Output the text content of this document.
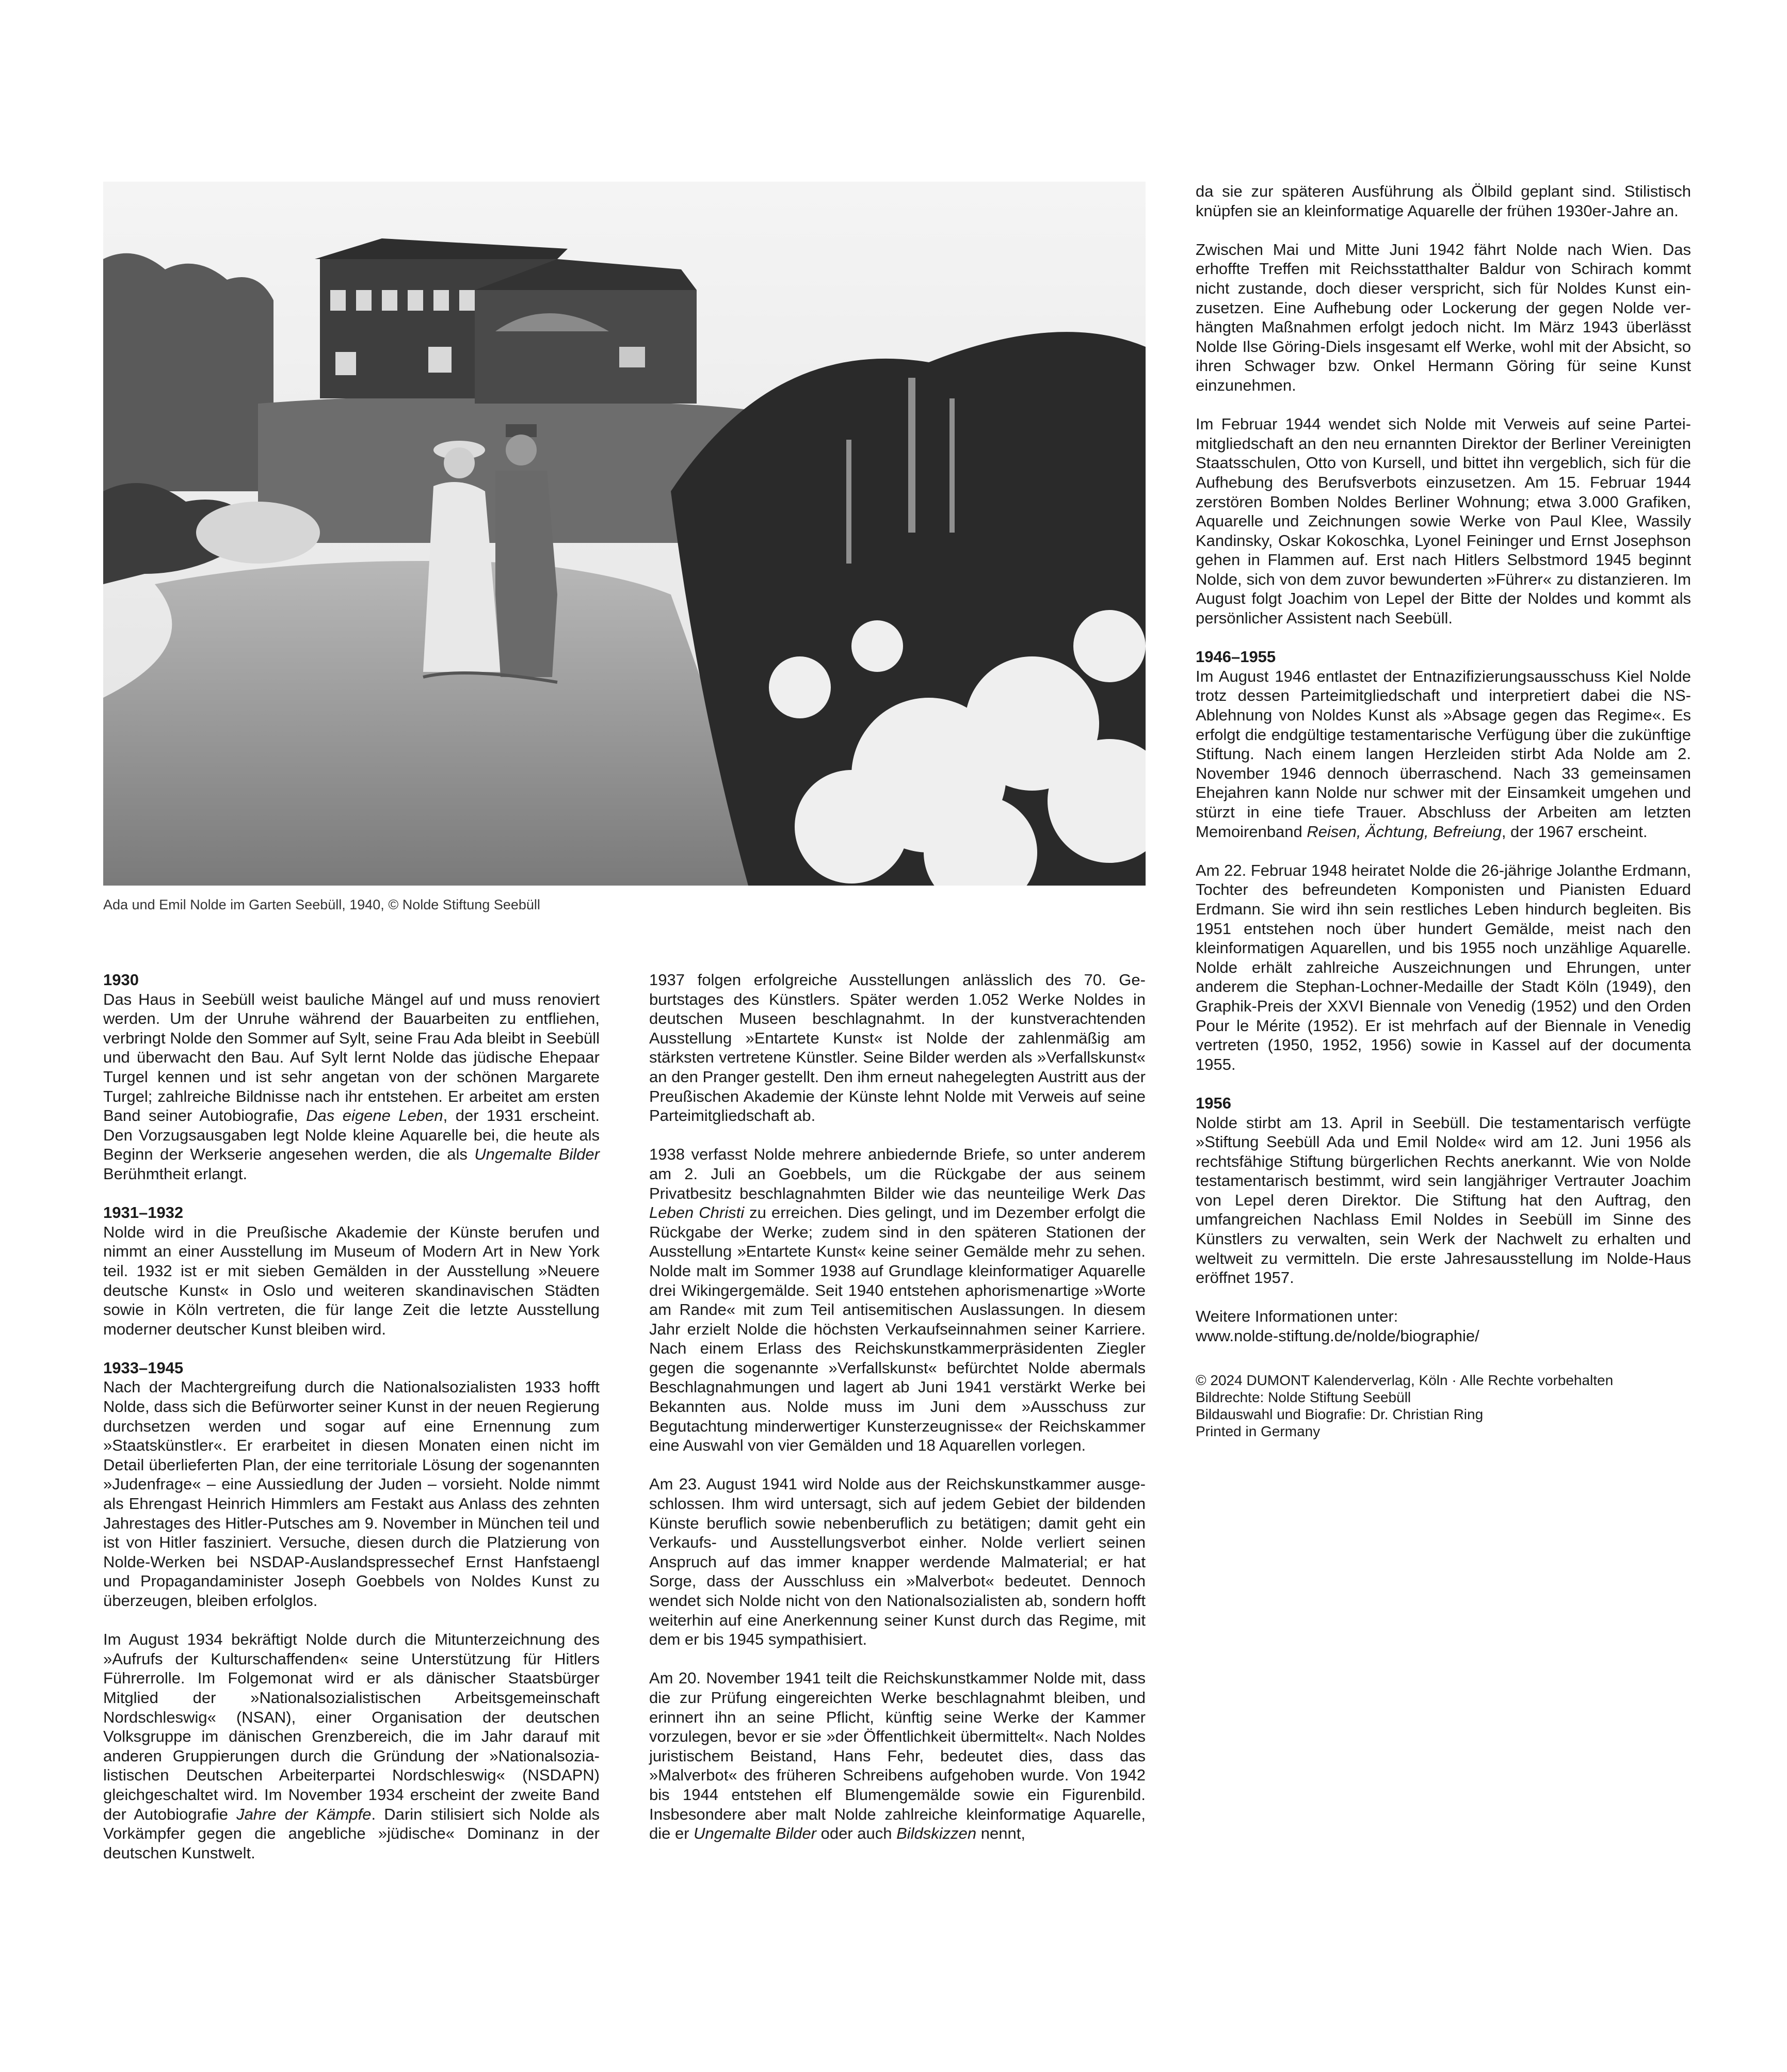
Ada und Emil Nolde im Garten Seebüll, 1940, © Nolde Stiftung Seebüll
1930
Das Haus in Seebüll weist bauliche Mängel auf und muss renoviert werden. Um der Unruhe während der Bauarbeiten zu entfliehen, verbringt Nolde den Sommer auf Sylt, seine Frau Ada bleibt in Seebüll und überwacht den Bau. Auf Sylt lernt Nolde das jüdische Ehepaar Turgel kennen und ist sehr angetan von der schönen Margarete Turgel; zahlreiche Bildnisse nach ihr entstehen. Er arbeitet am ersten Band seiner Autobiografie, Das eigene Leben, der 1931 erscheint. Den Vorzugsausgaben legt Nolde kleine Aquarelle bei, die heute als Beginn der Werkserie angesehen werden, die als Ungemalte Bilder Berühmtheit erlangt.
1931–1932
Nolde wird in die Preußische Akademie der Künste berufen und nimmt an einer Ausstellung im Museum of Modern Art in New York teil. 1932 ist er mit sieben Gemälden in der Ausstellung »Neuere deutsche Kunst« in Oslo und weiteren skandinavischen Städten sowie in Köln vertreten, die für lange Zeit die letzte Ausstellung moderner deutscher Kunst bleiben wird.
1933–1945
Nach der Machtergreifung durch die Nationalsozialisten 1933 hofft Nolde, dass sich die Befürworter seiner Kunst in der neuen Regierung durchsetzen werden und sogar auf eine Ernennung zum »Staatskünstler«. Er erarbeitet in diesen Monaten einen nicht im Detail überlieferten Plan, der eine territoriale Lösung der sogenannten »Judenfrage« – eine Aussiedlung der Juden – vorsieht. Nolde nimmt als Ehrengast Heinrich Himmlers am Festakt aus Anlass des zehnten Jahrestages des Hitler-Putsches am 9. November in München teil und ist von Hitler fasziniert. Versuche, diesen durch die Platzierung von Nolde-Werken bei NSDAP-Auslandspressechef Ernst Hanfstaengl und Propagandaminister Joseph Goebbels von Noldes Kunst zu überzeugen, bleiben erfolglos.

Im August 1934 bekräftigt Nolde durch die Mitunterzeichnung des »Aufrufs der Kulturschaffenden« seine Unterstützung für Hitlers Führerrolle. Im Folgemonat wird er als dänischer Staatsbürger Mitglied der »Nationalsozialistischen Arbeitsgemeinschaft Nordschleswig« (NSAN), einer Organisation der deutschen Volksgruppe im dänischen Grenzbereich, die im Jahr darauf mit anderen Gruppierungen durch die Gründung der »Nationalsozialistischen Deutschen Arbeiterpartei Nordschleswig« (NSDAPN) gleichgeschaltet wird. Im November 1934 erscheint der zweite Band der Autobiografie Jahre der Kämpfe. Darin stilisiert sich Nolde als Vorkämpfer gegen die angebliche »jüdische« Dominanz in der deutschen Kunstwelt.

1937 folgen erfolgreiche Ausstellungen anlässlich des 70. Geburtstages des Künstlers. Später werden 1.052 Werke Noldes in deutschen Museen beschlagnahmt. In der kunstverachtenden Ausstellung »Entartete Kunst« ist Nolde der zahlenmäßig am stärksten vertretene Künstler. Seine Bilder werden als »Verfallskunst« an den Pranger gestellt. Den ihm erneut nahegelegten Austritt aus der Preußischen Akademie der Künste lehnt Nolde mit Verweis auf seine Parteimitgliedschaft ab.

1938 verfasst Nolde mehrere anbiedernde Briefe, so unter anderem am 2. Juli an Goebbels, um die Rückgabe der aus seinem Privatbesitz beschlagnahmten Bilder wie das neunteilige Werk Das Leben Christi zu erreichen. Dies gelingt, und im Dezember erfolgt die Rückgabe der Werke; zudem sind in den späteren Stationen der Ausstellung »Entartete Kunst« keine seiner Gemälde mehr zu sehen. Nolde malt im Sommer 1938 auf Grundlage kleinformatiger Aquarelle drei Wikingergemälde. Seit 1940 entstehen aphorismenartige »Worte am Rande« mit zum Teil antisemitischen Auslassungen. In diesem Jahr erzielt Nolde die höchsten Verkaufseinnahmen seiner Karriere. Nach einem Erlass des Reichskunstkammerpräsidenten Ziegler gegen die sogenannte »Verfallskunst« befürchtet Nolde abermals Beschlagnahmungen und lagert ab Juni 1941 verstärkt Werke bei Bekannten aus. Nolde muss im Juni dem »Ausschuss zur Begutachtung minderwertiger Kunsterzeugnisse« der Reichskammer eine Auswahl von vier Gemälden und 18 Aquarellen vorlegen.

Am 23. August 1941 wird Nolde aus der Reichskunstkammer ausgeschlossen. Ihm wird untersagt, sich auf jedem Gebiet der bildenden Künste beruflich sowie nebenberuflich zu betätigen; damit geht ein Verkaufs- und Ausstellungsverbot einher. Nolde verliert seinen Anspruch auf das immer knapper werdende Malmaterial; er hat Sorge, dass der Ausschluss ein »Malverbot« bedeutet. Dennoch wendet sich Nolde nicht von den Nationalsozialisten ab, sondern hofft weiterhin auf eine Anerkennung seiner Kunst durch das Regime, mit dem er bis 1945 sympathisiert.

Am 20. November 1941 teilt die Reichskunstkammer Nolde mit, dass die zur Prüfung eingereichten Werke beschlagnahmt bleiben, und erinnert ihn an seine Pflicht, künftig seine Werke der Kammer vorzulegen, bevor er sie »der Öffentlichkeit übermittelt«. Nach Noldes juristischem Beistand, Hans Fehr, bedeutet dies, dass das »Malverbot« des früheren Schreibens aufgehoben wurde. Von 1942 bis 1944 entstehen elf Blumengemälde sowie ein Figurenbild. Insbesondere aber malt Nolde zahlreiche kleinformatige Aquarelle, die er Ungemalte Bilder oder auch Bildskizzen nennt,

da sie zur späteren Ausführung als Ölbild geplant sind. Stilistisch knüpfen sie an kleinformatige Aquarelle der frühen 1930er-Jahre an.

Zwischen Mai und Mitte Juni 1942 fährt Nolde nach Wien. Das erhoffte Treffen mit Reichsstatthalter Baldur von Schirach kommt nicht zustande, doch dieser verspricht, sich für Noldes Kunst einzusetzen. Eine Aufhebung oder Lockerung der gegen Nolde verhängten Maßnahmen erfolgt jedoch nicht. Im März 1943 überlässt Nolde Ilse Göring-Diels insgesamt elf Werke, wohl mit der Absicht, so ihren Schwager bzw. Onkel Hermann Göring für seine Kunst einzunehmen.

Im Februar 1944 wendet sich Nolde mit Verweis auf seine Parteimitgliedschaft an den neu ernannten Direktor der Berliner Vereinigten Staatsschulen, Otto von Kursell, und bittet ihn vergeblich, sich für die Aufhebung des Berufsverbots einzusetzen. Am 15. Februar 1944 zerstören Bomben Noldes Berliner Wohnung; etwa 3.000 Grafiken, Aquarelle und Zeichnungen sowie Werke von Paul Klee, Wassily Kandinsky, Oskar Kokoschka, Lyonel Feininger und Ernst Josephson gehen in Flammen auf. Erst nach Hitlers Selbstmord 1945 beginnt Nolde, sich von dem zuvor bewunderten »Führer« zu distanzieren. Im August folgt Joachim von Lepel der Bitte der Noldes und kommt als persönlicher Assistent nach Seebüll.

1946–1955
Im August 1946 entlastet der Entnazifizierungsausschuss Kiel Nolde trotz dessen Parteimitgliedschaft und interpretiert dabei die NS-Ablehnung von Noldes Kunst als »Absage gegen das Regime«. Es erfolgt die endgültige testamentarische Verfügung über die zukünftige Stiftung. Nach einem langen Herzleiden stirbt Ada Nolde am 2. November 1946 dennoch überraschend. Nach 33 gemeinsamen Ehejahren kann Nolde nur schwer mit der Einsamkeit umgehen und stürzt in eine tiefe Trauer. Abschluss der Arbeiten am letzten Memoirenband Reisen, Ächtung, Befreiung, der 1967 erscheint.

Am 22. Februar 1948 heiratet Nolde die 26-jährige Jolanthe Erdmann, Tochter des befreundeten Komponisten und Pianisten Eduard Erdmann. Sie wird ihn sein restliches Leben hindurch begleiten. Bis 1951 entstehen noch über hundert Gemälde, meist nach den kleinformatigen Aquarellen, und bis 1955 noch unzählige Aquarelle. Nolde erhält zahlreiche Auszeichnungen und Ehrungen, unter anderem die Stephan-Lochner-Medaille der Stadt Köln (1949), den Graphik-Preis der XXVI Biennale von Venedig (1952) und den Orden Pour le Mérite (1952). Er ist mehrfach auf der Biennale in Venedig vertreten (1950, 1952, 1956) sowie in Kassel auf der documenta 1955.

1956
Nolde stirbt am 13. April in Seebüll. Die testamentarisch verfügte »Stiftung Seebüll Ada und Emil Nolde« wird am 12. Juni 1956 als rechtsfähige Stiftung bürgerlichen Rechts anerkannt. Wie von Nolde testamentarisch bestimmt, wird sein langjähriger Vertrauter Joachim von Lepel deren Direktor. Die Stiftung hat den Auftrag, den umfangreichen Nachlass Emil Noldes in Seebüll im Sinne des Künstlers zu verwalten, sein Werk der Nachwelt zu erhalten und weltweit zu vermitteln. Die erste Jahresausstellung im Nolde-Haus eröffnet 1957.
Weitere Informationen unter:
www.nolde-stiftung.de/nolde/biographie/

© 2024 DUMONT Kalenderverlag, Köln · Alle Rechte vorbehalten

Bildrechte: Nolde Stiftung Seebüll

Bildauswahl und Biografie: Dr. Christian Ring

Printed in Germany
